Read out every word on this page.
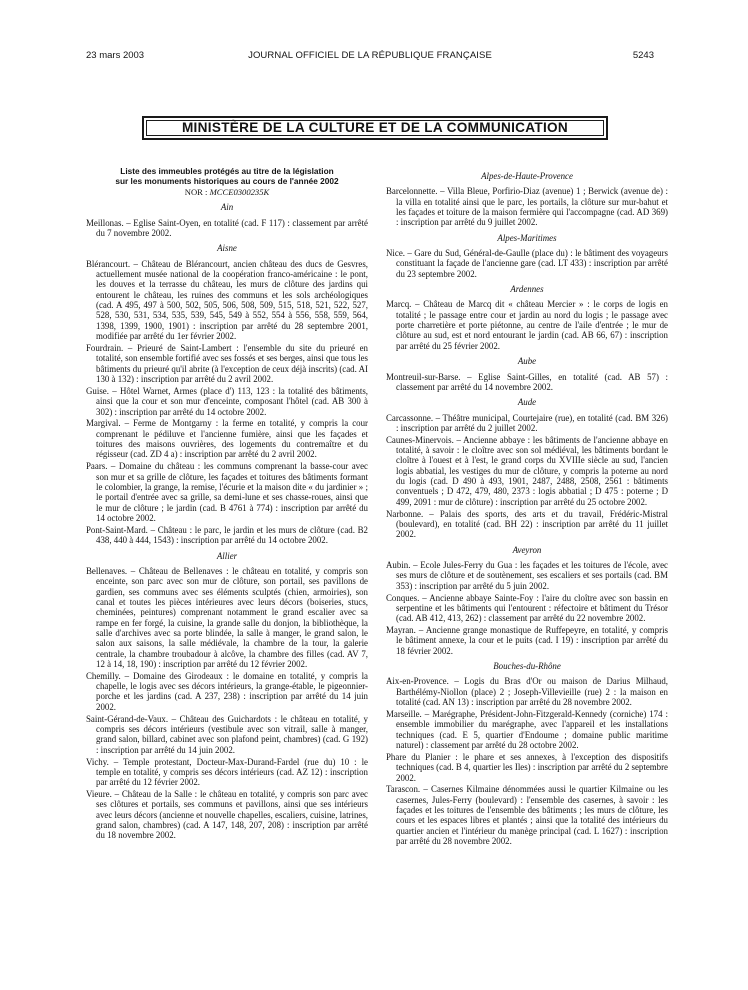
23 mars 2003	JOURNAL OFFICIEL DE LA RÉPUBLIQUE FRANÇAISE	5243
MINISTÈRE DE LA CULTURE ET DE LA COMMUNICATION
Liste des immeubles protégés au titre de la législation
sur les monuments historiques au cours de l'année 2002
NOR : MCCE0300235K
Ain
Meillonas. – Eglise Saint-Oyen, en totalité (cad. F 117) : classement par arrêté du 7 novembre 2002.
Aisne
Blérancourt. – Château de Blérancourt, ancien château des ducs de Gesvres, actuellement musée national de la coopération franco-américaine : le pont, les douves et la terrasse du château, les murs de clôture des jardins qui entourent le château, les ruines des communs et les sols archéologiques (cad. A 495, 497 à 500, 502, 505, 506, 508, 509, 515, 518, 521, 522, 527, 528, 530, 531, 534, 535, 539, 545, 549 à 552, 554 à 556, 558, 559, 564, 1398, 1399, 1900, 1901) : inscription par arrêté du 28 septembre 2001, modifiée par arrêté du 1er février 2002.
Fourdrain. – Prieuré de Saint-Lambert : l'ensemble du site du prieuré en totalité, son ensemble fortifié avec ses fossés et ses berges, ainsi que tous les bâtiments du prieuré qu'il abrite (à l'exception de ceux déjà inscrits) (cad. AI 130 à 132) : inscription par arrêté du 2 avril 2002.
Guise. – Hôtel Warnet, Armes (place d') 113, 123 : la totalité des bâtiments, ainsi que la cour et son mur d'enceinte, composant l'hôtel (cad. AB 300 à 302) : inscription par arrêté du 14 octobre 2002.
Margival. – Ferme de Montgarny : la ferme en totalité, y compris la cour comprenant le pédiluve et l'ancienne fumière, ainsi que les façades et toitures des maisons ouvrières, des logements du contremaître et du régisseur (cad. ZD 4 a) : inscription par arrêté du 2 avril 2002.
Paars. – Domaine du château : les communs comprenant la basse-cour avec son mur et sa grille de clôture, les façades et toitures des bâtiments formant le colombier, la grange, la remise, l'écurie et la maison dite « du jardinier » ; le portail d'entrée avec sa grille, sa demi-lune et ses chasse-roues, ainsi que le mur de clôture ; le jardin (cad. B 4761 à 774) : inscription par arrêté du 14 octobre 2002.
Pont-Saint-Mard. – Château : le parc, le jardin et les murs de clôture (cad. B2 438, 440 à 444, 1543) : inscription par arrêté du 14 octobre 2002.
Allier
Bellenaves. – Château de Bellenaves : le château en totalité, y compris son enceinte, son parc avec son mur de clôture, son portail, ses pavillons de gardien, ses communs avec ses éléments sculptés (chien, armoiries), son canal et toutes les pièces intérieures avec leurs décors (boiseries, stucs, cheminées, peintures) comprenant notamment le grand escalier avec sa rampe en fer forgé, la cuisine, la grande salle du donjon, la bibliothèque, la salle d'archives avec sa porte blindée, la salle à manger, le grand salon, le salon aux saisons, la salle médiévale, la chambre de la tour, la galerie centrale, la chambre troubadour à alcôve, la chambre des filles (cad. AV 7, 12 à 14, 18, 190) : inscription par arrêté du 12 février 2002.
Chemilly. – Domaine des Girodeaux : le domaine en totalité, y compris la chapelle, le logis avec ses décors intérieurs, la grange-étable, le pigeonnier-porche et les jardins (cad. A 237, 238) : inscription par arrêté du 14 juin 2002.
Saint-Gérand-de-Vaux. – Château des Guichardots : le château en totalité, y compris ses décors intérieurs (vestibule avec son vitrail, salle à manger, grand salon, billard, cabinet avec son plafond peint, chambres) (cad. G 192) : inscription par arrêté du 14 juin 2002.
Vichy. – Temple protestant, Docteur-Max-Durand-Fardel (rue du) 10 : le temple en totalité, y compris ses décors intérieurs (cad. AZ 12) : inscription par arrêté du 12 février 2002.
Vieure. – Château de la Salle : le château en totalité, y compris son parc avec ses clôtures et portails, ses communs et pavillons, ainsi que ses intérieurs avec leurs décors (ancienne et nouvelle chapelles, escaliers, cuisine, latrines, grand salon, chambres) (cad. A 147, 148, 207, 208) : inscription par arrêté du 18 novembre 2002.
Alpes-de-Haute-Provence
Barcelonnette. – Villa Bleue, Porfirio-Diaz (avenue) 1 ; Berwick (avenue de) : la villa en totalité ainsi que le parc, les portails, la clôture sur mur-bahut et les façades et toiture de la maison fermière qui l'accompagne (cad. AD 369) : inscription par arrêté du 9 juillet 2002.
Alpes-Maritimes
Nice. – Gare du Sud, Général-de-Gaulle (place du) : le bâtiment des voyageurs constituant la façade de l'ancienne gare (cad. LT 433) : inscription par arrêté du 23 septembre 2002.
Ardennes
Marcq. – Château de Marcq dit « château Mercier » : le corps de logis en totalité ; le passage entre cour et jardin au nord du logis ; le passage avec porte charretière et porte piétonne, au centre de l'aile d'entrée ; le mur de clôture au sud, est et nord entourant le jardin (cad. AB 66, 67) : inscription par arrêté du 25 février 2002.
Aube
Montreuil-sur-Barse. – Eglise Saint-Gilles, en totalité (cad. AB 57) : classement par arrêté du 14 novembre 2002.
Aude
Carcassonne. – Théâtre municipal, Courtejaire (rue), en totalité (cad. BM 326) : inscription par arrêté du 2 juillet 2002.
Caunes-Minervois. – Ancienne abbaye : les bâtiments de l'ancienne abbaye en totalité, à savoir : le cloître avec son sol médiéval, les bâtiments bordant le cloître à l'ouest et à l'est, le grand corps du XVIIIe siècle au sud, l'ancien logis abbatial, les vestiges du mur de clôture, y compris la poterne au nord du logis (cad. D 490 à 493, 1901, 2487, 2488, 2508, 2561 : bâtiments conventuels ; D 472, 479, 480, 2373 : logis abbatial ; D 475 : poterne ; D 499, 2091 : mur de clôture) : inscription par arrêté du 25 octobre 2002.
Narbonne. – Palais des sports, des arts et du travail, Frédéric-Mistral (boulevard), en totalité (cad. BH 22) : inscription par arrêté du 11 juillet 2002.
Aveyron
Aubin. – Ecole Jules-Ferry du Gua : les façades et les toitures de l'école, avec ses murs de clôture et de soutènement, ses escaliers et ses portails (cad. BM 353) : inscription par arrêté du 5 juin 2002.
Conques. – Ancienne abbaye Sainte-Foy : l'aire du cloître avec son bassin en serpentine et les bâtiments qui l'entourent : réfectoire et bâtiment du Trésor (cad. AB 412, 413, 262) : classement par arrêté du 22 novembre 2002.
Mayran. – Ancienne grange monastique de Ruffepeyre, en totalité, y compris le bâtiment annexe, la cour et le puits (cad. I 19) : inscription par arrêté du 18 février 2002.
Bouches-du-Rhône
Aix-en-Provence. – Logis du Bras d'Or ou maison de Darius Milhaud, Barthélémy-Niollon (place) 2 ; Joseph-Villevieille (rue) 2 : la maison en totalité (cad. AN 13) : inscription par arrêté du 28 novembre 2002.
Marseille. – Marégraphe, Président-John-Fitzgerald-Kennedy (corniche) 174 : ensemble immobilier du marégraphe, avec l'appareil et les installations techniques (cad. E 5, quartier d'Endoume ; domaine public maritime naturel) : classement par arrêté du 28 octobre 2002.
Phare du Planier : le phare et ses annexes, à l'exception des dispositifs techniques (cad. B 4, quartier les Iles) : inscription par arrêté du 2 septembre 2002.
Tarascon. – Casernes Kilmaine dénommées aussi le quartier Kilmaine ou les casernes, Jules-Ferry (boulevard) : l'ensemble des casernes, à savoir : les façades et les toitures de l'ensemble des bâtiments ; les murs de clôture, les cours et les espaces libres et plantés ; ainsi que la totalité des intérieurs du quartier ancien et l'intérieur du manège principal (cad. L 1627) : inscription par arrêté du 28 novembre 2002.
